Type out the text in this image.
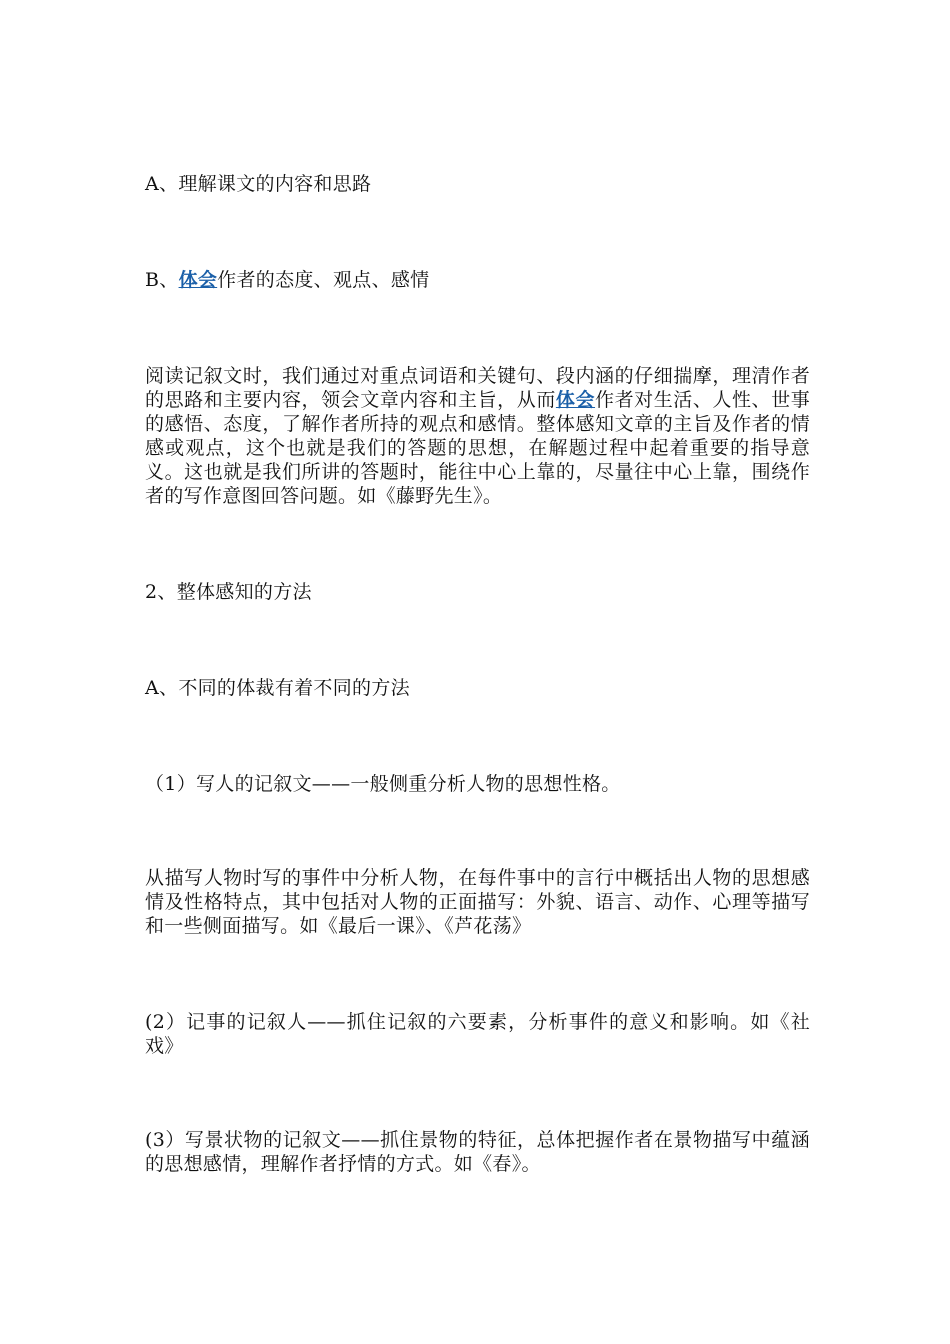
A、理解课文的内容和思路

B、体会作者的态度、观点、感情

阅读记叙文时，我们通过对重点词语和关键句、段内涵的仔细揣摩，理清作者的思路和主要内容，领会文章内容和主旨，从而体会作者对生活、人性、世事的感悟、态度，了解作者所持的观点和感情。整体感知文章的主旨及作者的情感或观点，这个也就是我们的答题的思想，在解题过程中起着重要的指导意义。这也就是我们所讲的答题时，能往中心上靠的，尽量往中心上靠，围绕作者的写作意图回答问题。如《藤野先生》。

2、整体感知的方法

A、不同的体裁有着不同的方法

（1）写人的记叙文——一般侧重分析人物的思想性格。

从描写人物时写的事件中分析人物，在每件事中的言行中概括出人物的思想感情及性格特点，其中包括对人物的正面描写：外貌、语言、动作、心理等描写和一些侧面描写。如《最后一课》、《芦花荡》

(2）记事的记叙人——抓住记叙的六要素，分析事件的意义和影响。如《社戏》

(3）写景状物的记叙文——抓住景物的特征，总体把握作者在景物描写中蕴涵的思想感情，理解作者抒情的方式。如《春》。
